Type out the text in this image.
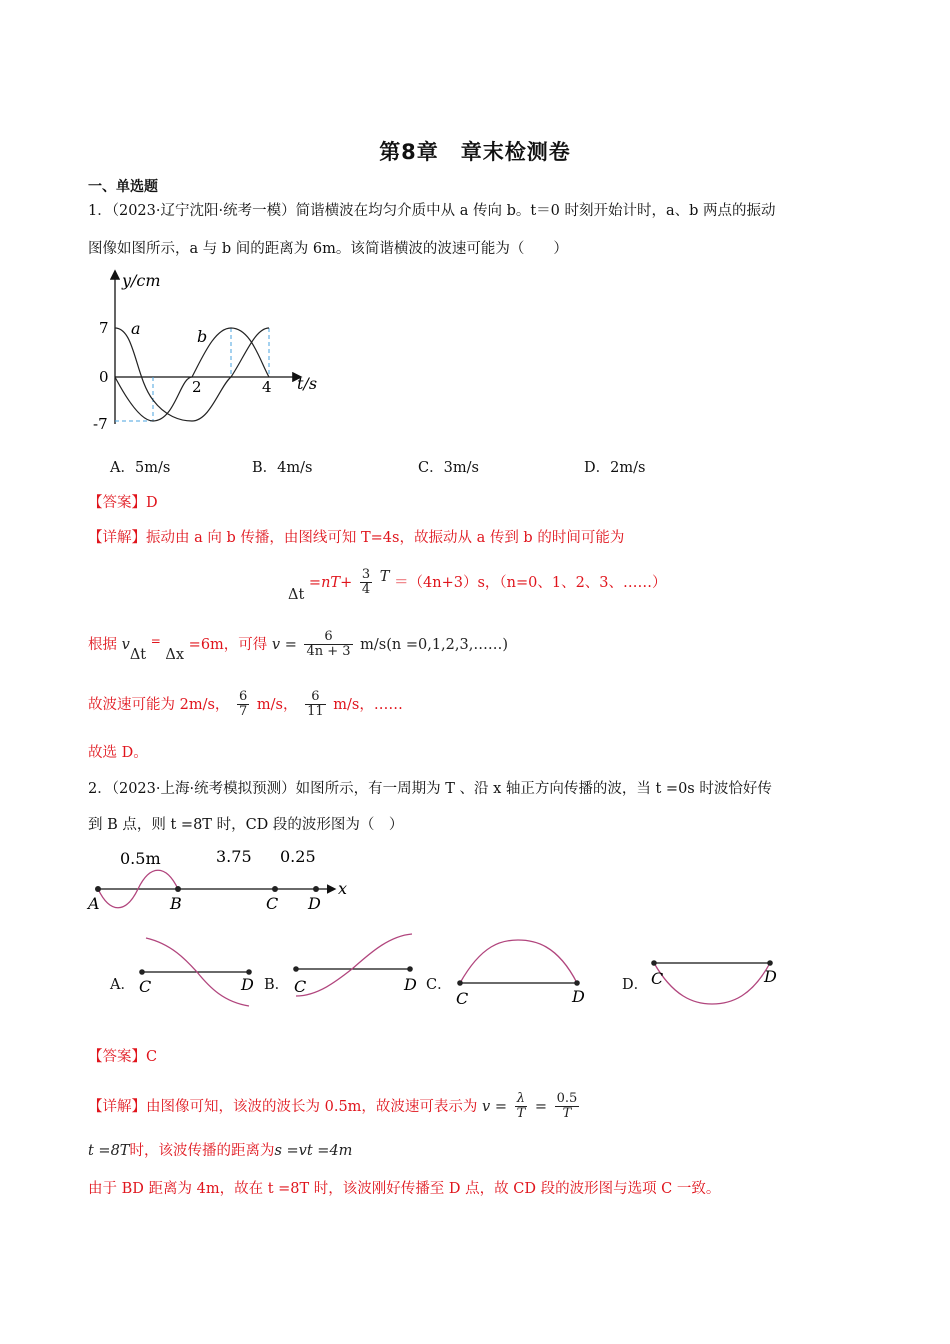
第8章　章末检测卷
一、单选题
1．（2023·辽宁沈阳·统考一模）简谐横波在均匀介质中从 a 传向 b。t＝0 时刻开始计时，a、b 两点的振动
图像如图所示，a 与 b 间的距离为 6m。该简谐横波的波速可能为（　　）
y/cm
t/s
7
0
-7
2	4
a	b
A．5m/s	B．4m/s	C．3m/s	D．2m/s
【答案】D
【详解】振动由 a 向 b 传播，由图线可知 T=4s，故振动从 a 传到 b 的时间可能为
$\Delta t =nT+ \frac{3}{4}$ T ＝（4n+3）s，（n=0、1、2、3、……）
根据 vΔt = Δx =6m，可得 $v = \frac{6}{4n + 3} m/s(n$ =0,1,2,3,……)
故波速可能为 2m/s， $\frac{6}{7} m/s$， $\frac{6}{11} m/s$，……
故选 D。
2．（2023·上海·统考模拟预测）如图所示，有一周期为 T 、沿 x 轴正方向传播的波，当 t =0s 时波恰好传
到 B 点，则 t =8T 时，CD 段的波形图为（　）
0.5m	3.75 0.25
A	B	C D
x
A． C	D B． C	D C．
C	D
D． C	D
【答案】C
【详解】由图像可知，该波的波长为 0.5m，故波速可表示为 $v = \frac{\lambda}{T} = \frac{0.5}{T}$
t =8T时，该波传播的距离为s =vt =4m
由于 BD 距离为 4m，故在 t =8T 时，该波刚好传播至 D 点，故 CD 段的波形图与选项 C 一致。
